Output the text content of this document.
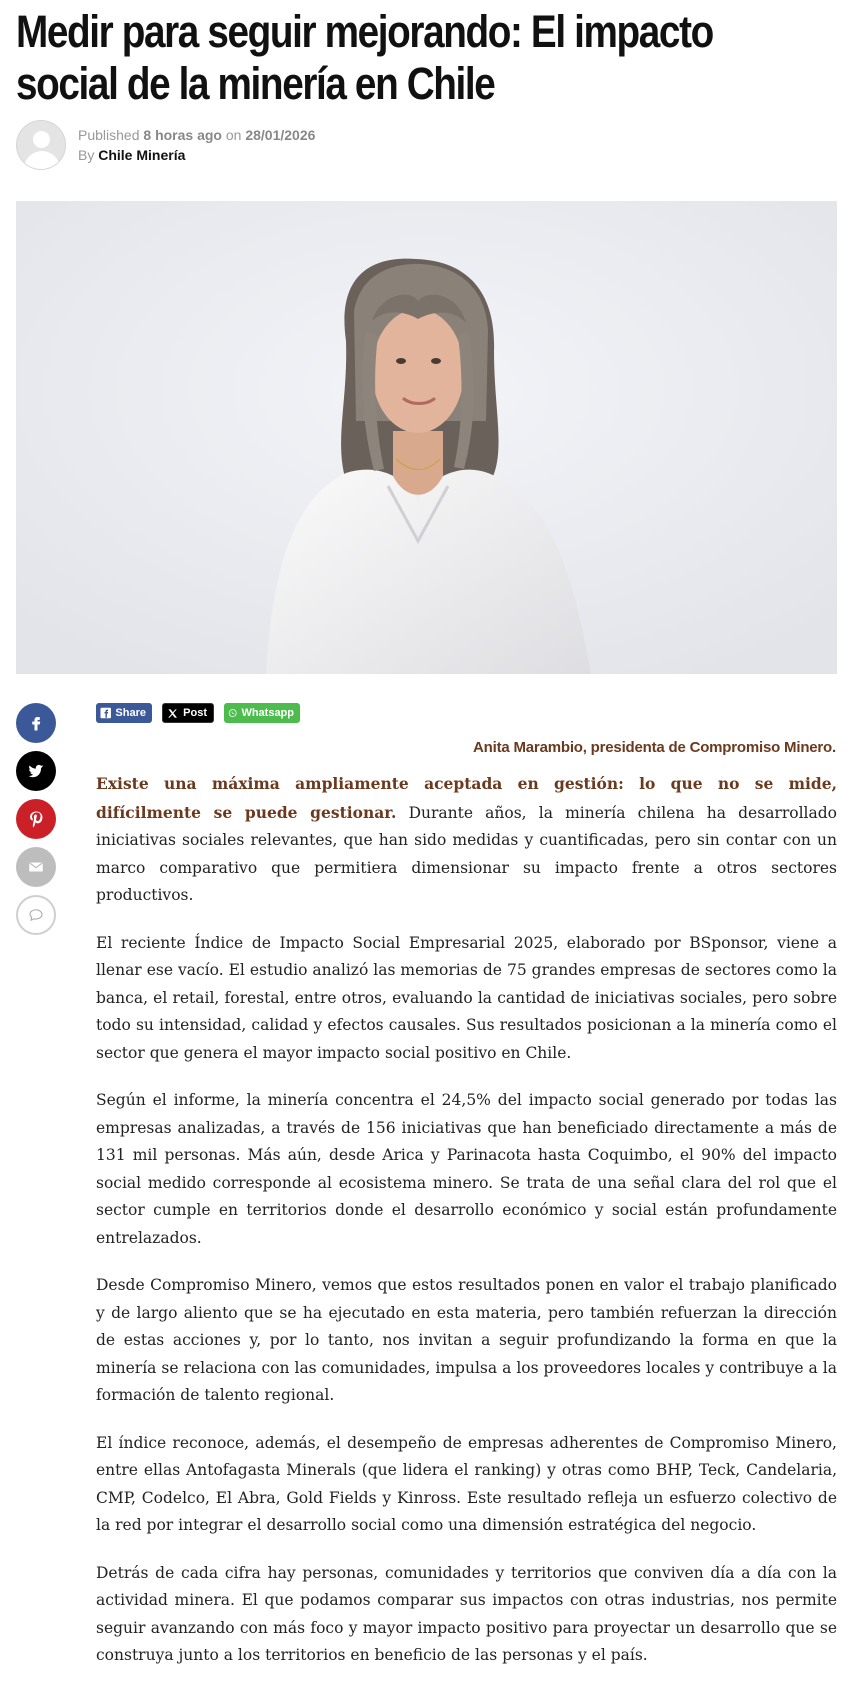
Medir para seguir mejorando: El impacto social de la minería en Chile
Published 8 horas ago on 28/01/2026
By Chile Minería
Share	Post	Whatsapp
Anita Marambio, presidenta de Compromiso Minero.

Existe una máxima ampliamente aceptada en gestión: lo que no se mide, difícilmente se puede gestionar. Durante años, la minería chilena ha desarrollado iniciativas sociales relevantes, que han sido medidas y cuantificadas, pero sin contar con un marco comparativo que permitiera dimensionar su impacto frente a otros sectores productivos.

El reciente Índice de Impacto Social Empresarial 2025, elaborado por BSponsor, viene a llenar ese vacío. El estudio analizó las memorias de 75 grandes empresas de sectores como la banca, el retail, forestal, entre otros, evaluando la cantidad de iniciativas sociales, pero sobre todo su intensidad, calidad y efectos causales. Sus resultados posicionan a la minería como el sector que genera el mayor impacto social positivo en Chile.

Según el informe, la minería concentra el 24,5% del impacto social generado por todas las empresas analizadas, a través de 156 iniciativas que han beneficiado directamente a más de 131 mil personas. Más aún, desde Arica y Parinacota hasta Coquimbo, el 90% del impacto social medido corresponde al ecosistema minero. Se trata de una señal clara del rol que el sector cumple en territorios donde el desarrollo económico y social están profundamente entrelazados.

Desde Compromiso Minero, vemos que estos resultados ponen en valor el trabajo planificado y de largo aliento que se ha ejecutado en esta materia, pero también refuerzan la dirección de estas acciones y, por lo tanto, nos invitan a seguir profundizando la forma en que la minería se relaciona con las comunidades, impulsa a los proveedores locales y contribuye a la formación de talento regional.

El índice reconoce, además, el desempeño de empresas adherentes de Compromiso Minero, entre ellas Antofagasta Minerals (que lidera el ranking) y otras como BHP, Teck, Candelaria, CMP, Codelco, El Abra, Gold Fields y Kinross. Este resultado refleja un esfuerzo colectivo de la red por integrar el desarrollo social como una dimensión estratégica del negocio.

Detrás de cada cifra hay personas, comunidades y territorios que conviven día a día con la actividad minera. El que podamos comparar sus impactos con otras industrias, nos permite seguir avanzando con más foco y mayor impacto positivo para proyectar un desarrollo que se construya junto a los territorios en beneficio de las personas y el país.
